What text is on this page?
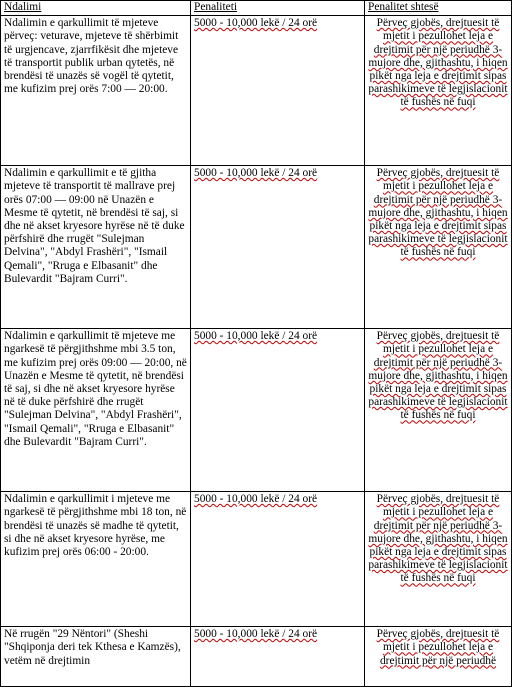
Ndalimi	Penaliteti	Penalitet shtesë

Ndalimin e qarkullimit të mjeteve përveç: veturave, mjeteve të shërbimit të urgjencave, zjarrfikësit dhe mjeteve të transportit publik urban qytetës, në brendësi të unazës së vogël të qytetit, me kufizim prej orës 7:00 — 20:00.	5000 - 10,000 lekë / 24 orë	Përveç gjobës, drejtuesit të mjetit i pezullohet leja e drejtimit për një periudhë 3-mujore dhe, gjithashtu, i hiqen pikët nga leja e drejtimit sipas parashikimeve të legjislacionit të fushës në fuqi

Ndalimin e qarkullimit e të gjitha mjeteve të transportit të mallrave prej orës 07:00 — 09:00 në Unazën e Mesme të qytetit, në brendësi të saj, si dhe në akset kryesore hyrëse në të duke përfshirë dhe rrugët "Sulejman Delvina", "Abdyl Frashëri", "Ismail Qemali", "Rruga e Elbasanit" dhe Bulevardit "Bajram Curri".	5000 - 10,000 lekë / 24 orë	Përveç gjobës, drejtuesit të mjetit i pezullohet leja e drejtimit për një periudhë 3-mujore dhe, gjithashtu, i hiqen pikët nga leja e drejtimit sipas parashikimeve të legjislacionit të fushës në fuqi

Ndalimin e qarkullimit të mjeteve me ngarkesë të përgjithshme mbi 3.5 ton, me kufizim prej orës 09:00 — 20:00, në Unazën e Mesme të qytetit, në brendësi të saj, si dhe në akset kryesore hyrëse në të duke përfshirë dhe rrugët "Sulejman Delvina", "Abdyl Frashëri", "Ismail Qemali", "Rruga e Elbasanit" dhe Bulevardit "Bajram Curri".	5000 - 10,000 lekë / 24 orë	Përveç gjobës, drejtuesit të mjetit i pezullohet leja e drejtimit për një periudhë 3-mujore dhe, gjithashtu, i hiqen pikët nga leja e drejtimit sipas parashikimeve të legjislacionit të fushës në fuqi

Ndalimin e qarkullimit i mjeteve me ngarkesë të përgjithshme mbi 18 ton, në brendësi të unazës së madhe të qytetit, si dhe në akset kryesore hyrëse, me kufizim prej orës 06:00 - 20:00.	5000 - 10,000 lekë / 24 orë	Përveç gjobës, drejtuesit të mjetit i pezullohet leja e drejtimit për një periudhë 3-mujore dhe, gjithashtu, i hiqen pikët nga leja e drejtimit sipas parashikimeve të legjislacionit të fushës në fuqi

Në rrugën "29 Nëntori" (Sheshi "Shqiponja deri tek Kthesa e Kamzës), vetëm në drejtimin	5000 - 10,000 lekë / 24 orë	Përveç gjobës, drejtuesit të mjetit i pezullohet leja e drejtimit për një periudhë
